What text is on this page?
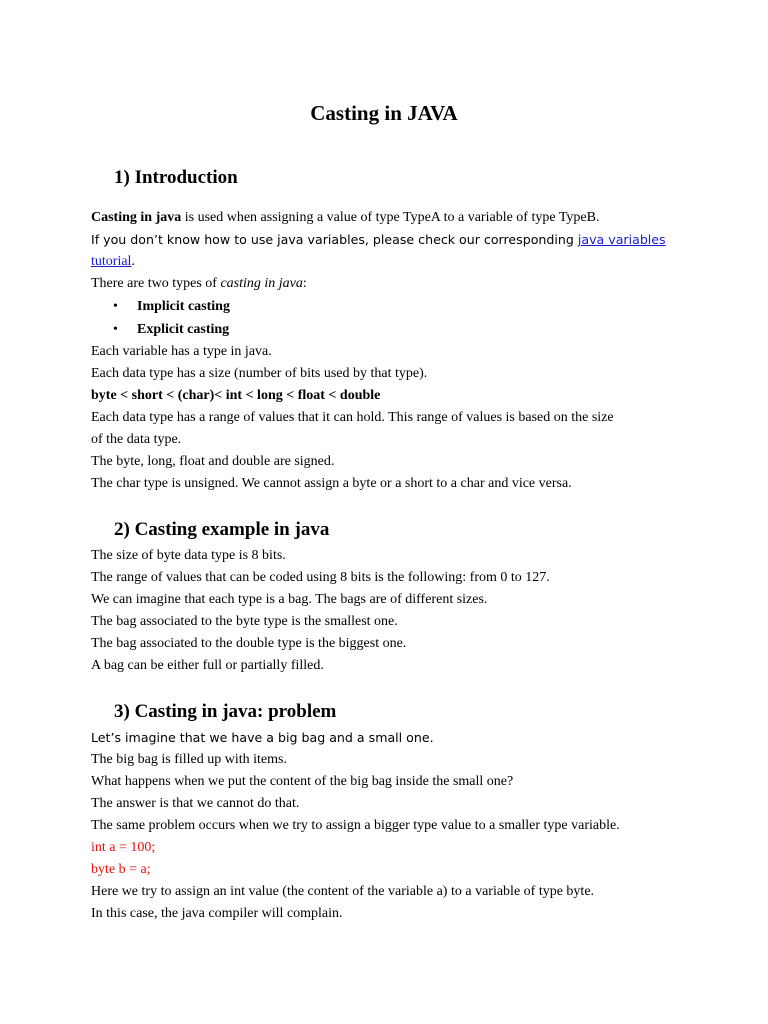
Casting in JAVA
1) Introduction

Casting in java is used when assigning a value of type TypeA to a variable of type TypeB.

If you don’t know how to use java variables, please check our corresponding java variables

tutorial.

There are two types of casting in java:

• Implicit casting
• Explicit casting

Each variable has a type in java.

Each data type has a size (number of bits used by that type).

byte < short < (char)< int < long < float < double

Each data type has a range of values that it can hold. This range of values is based on the size

of the data type.

The byte, long, float and double are signed.

The char type is unsigned. We cannot assign a byte or a short to a char and vice versa.

2) Casting example in java

The size of byte data type is 8 bits.

The range of values that can be coded using 8 bits is the following: from 0 to 127.

We can imagine that each type is a bag. The bags are of different sizes.

The bag associated to the byte type is the smallest one.

The bag associated to the double type is the biggest one.

A bag can be either full or partially filled.

3) Casting in java: problem

Let’s imagine that we have a big bag and a small one.

The big bag is filled up with items.

What happens when we put the content of the big bag inside the small one?

The answer is that we cannot do that.

The same problem occurs when we try to assign a bigger type value to a smaller type variable.

int a = 100;

byte b = a;

Here we try to assign an int value (the content of the variable a) to a variable of type byte.

In this case, the java compiler will complain.
